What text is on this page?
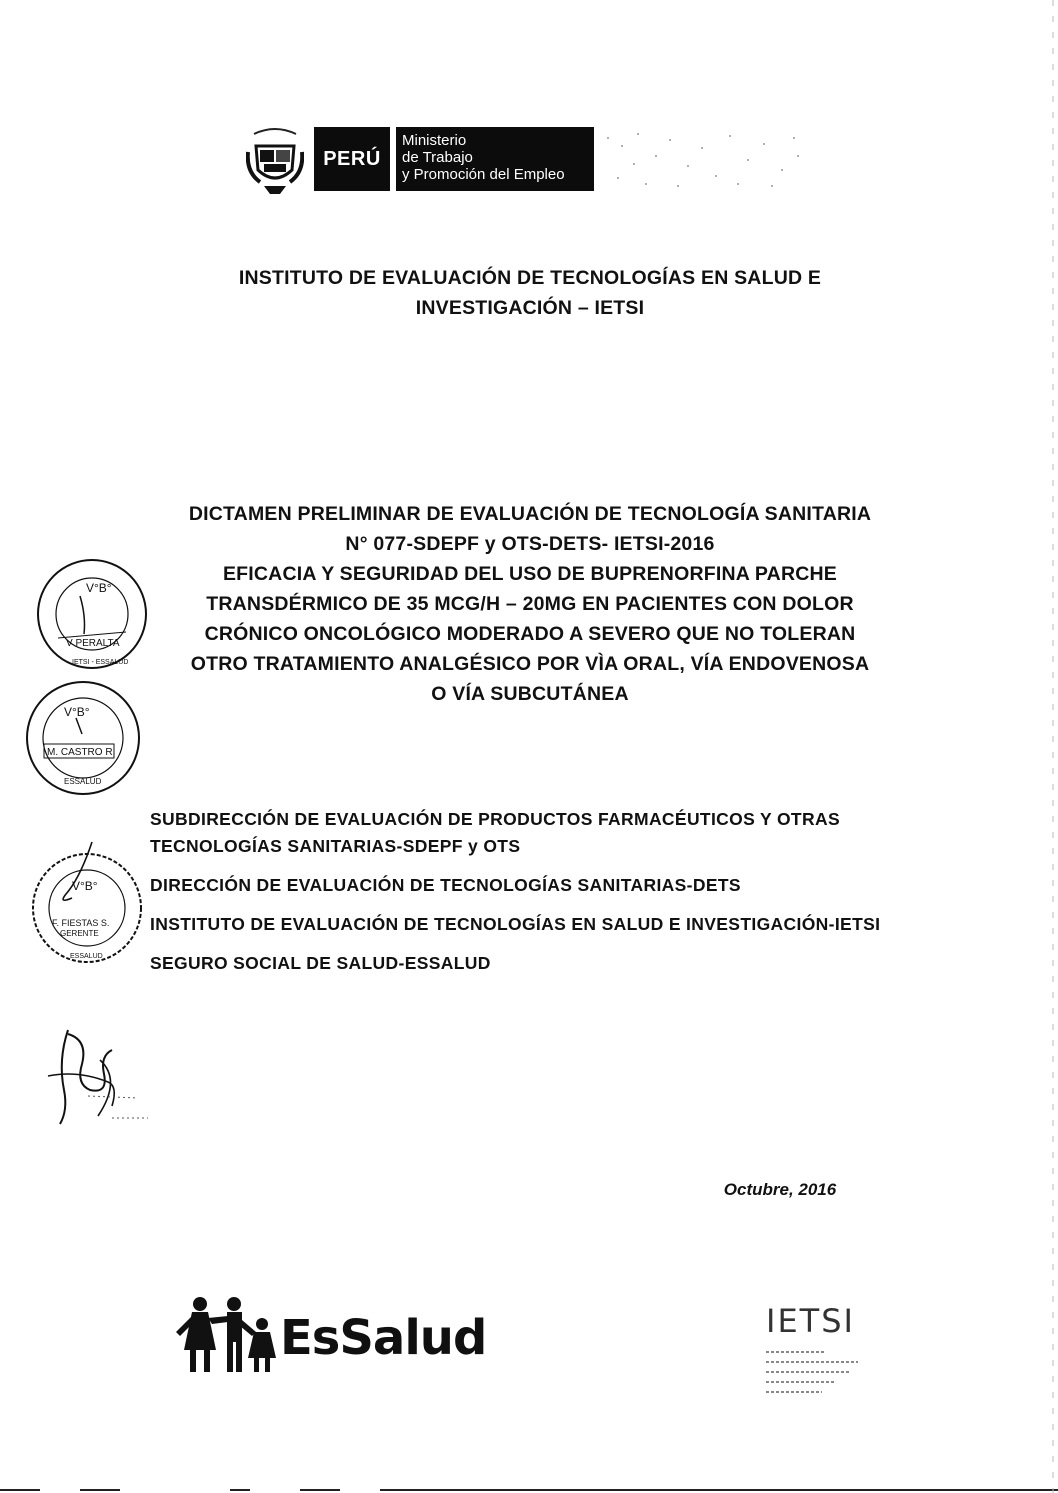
PERÚ
Ministerio
de Trabajo
y Promoción del Empleo
INSTITUTO DE EVALUACIÓN DE TECNOLOGÍAS EN SALUD E
INVESTIGACIÓN – IETSI
DICTAMEN PRELIMINAR DE EVALUACIÓN DE TECNOLOGÍA SANITARIA
N° 077-SDEPF y OTS-DETS- IETSI-2016
EFICACIA Y SEGURIDAD DEL USO DE BUPRENORFINA PARCHE
TRANSDÉRMICO DE 35 MCG/H – 20MG EN PACIENTES CON DOLOR
CRÓNICO ONCOLÓGICO MODERADO A SEVERO QUE NO TOLERAN
OTRO TRATAMIENTO ANALGÉSICO POR VÌA ORAL, VÍA ENDOVENOSA
O VÍA SUBCUTÁNEA
V°B°
V PERALTA
IETSI - ESSALUD
V°B°
M. CASTRO R.
ESSALUD
V°B°
F. FIESTAS S.
GERENTE
ESSALUD
SUBDIRECCIÓN DE EVALUACIÓN DE PRODUCTOS FARMACÉUTICOS Y OTRAS TECNOLOGÍAS SANITARIAS-SDEPF y OTS
DIRECCIÓN DE EVALUACIÓN DE TECNOLOGÍAS SANITARIAS-DETS
INSTITUTO DE EVALUACIÓN DE TECNOLOGÍAS EN SALUD E INVESTIGACIÓN-IETSI
SEGURO SOCIAL DE SALUD-ESSALUD
Octubre, 2016
EsSalud	IETSI
